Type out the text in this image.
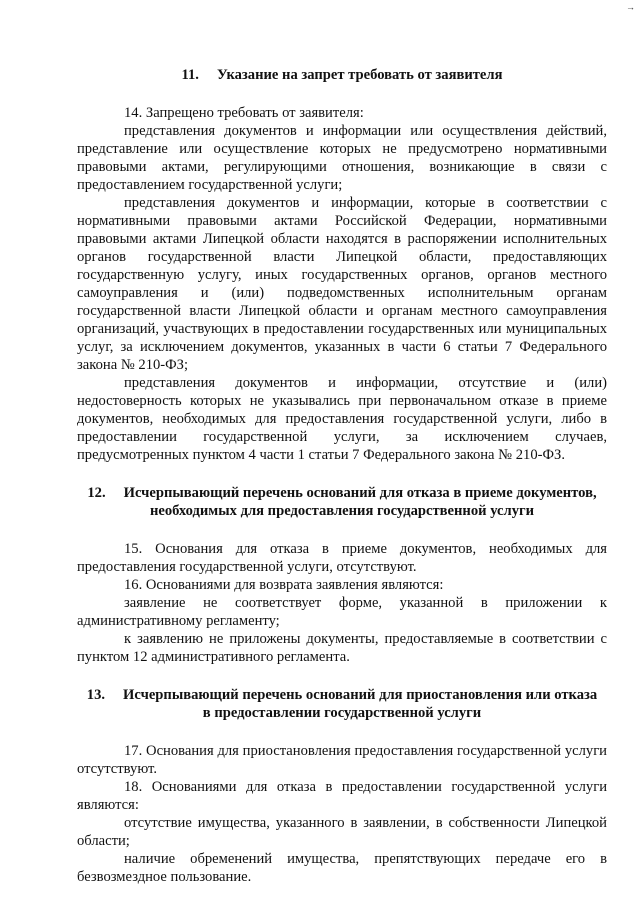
→
11. Указание на запрет требовать от заявителя

14. Запрещено требовать от заявителя:

представления документов и информации или осуществления действий, представление или осуществление которых не предусмотрено нормативными правовыми актами, регулирующими отношения, возникающие в связи с предоставлением государственной услуги;

представления документов и информации, которые в соответствии с нормативными правовыми актами Российской Федерации, нормативными правовыми актами Липецкой области находятся в распоряжении исполнительных органов государственной власти Липецкой области, предоставляющих государственную услугу, иных государственных органов, органов местного самоуправления и (или) подведомственных исполнительным органам государственной власти Липецкой области и органам местного самоуправления организаций, участвующих в предоставлении государственных или муниципальных услуг, за исключением документов, указанных в части 6 статьи 7 Федерального закона № 210-ФЗ;

представления документов и информации, отсутствие и (или) недостоверность которых не указывались при первоначальном отказе в приеме документов, необходимых для предоставления государственной услуги, либо в предоставлении государственной услуги, за исключением случаев, предусмотренных пунктом 4 части 1 статьи 7 Федерального закона № 210-ФЗ.

12. Исчерпывающий перечень оснований для отказа в приеме документов,
необходимых для предоставления государственной услуги

15. Основания для отказа в приеме документов, необходимых для предоставления государственной услуги, отсутствуют.

16. Основаниями для возврата заявления являются:

заявление не соответствует форме, указанной в приложении к административному регламенту;

к заявлению не приложены документы, предоставляемые в соответствии с пунктом 12 административного регламента.

13. Исчерпывающий перечень оснований для приостановления или отказа
в предоставлении государственной услуги

17. Основания для приостановления предоставления государственной услуги отсутствуют.

18. Основаниями для отказа в предоставлении государственной услуги являются:

отсутствие имущества, указанного в заявлении, в собственности Липецкой области;

наличие обременений имущества, препятствующих передаче его в безвозмездное пользование.
